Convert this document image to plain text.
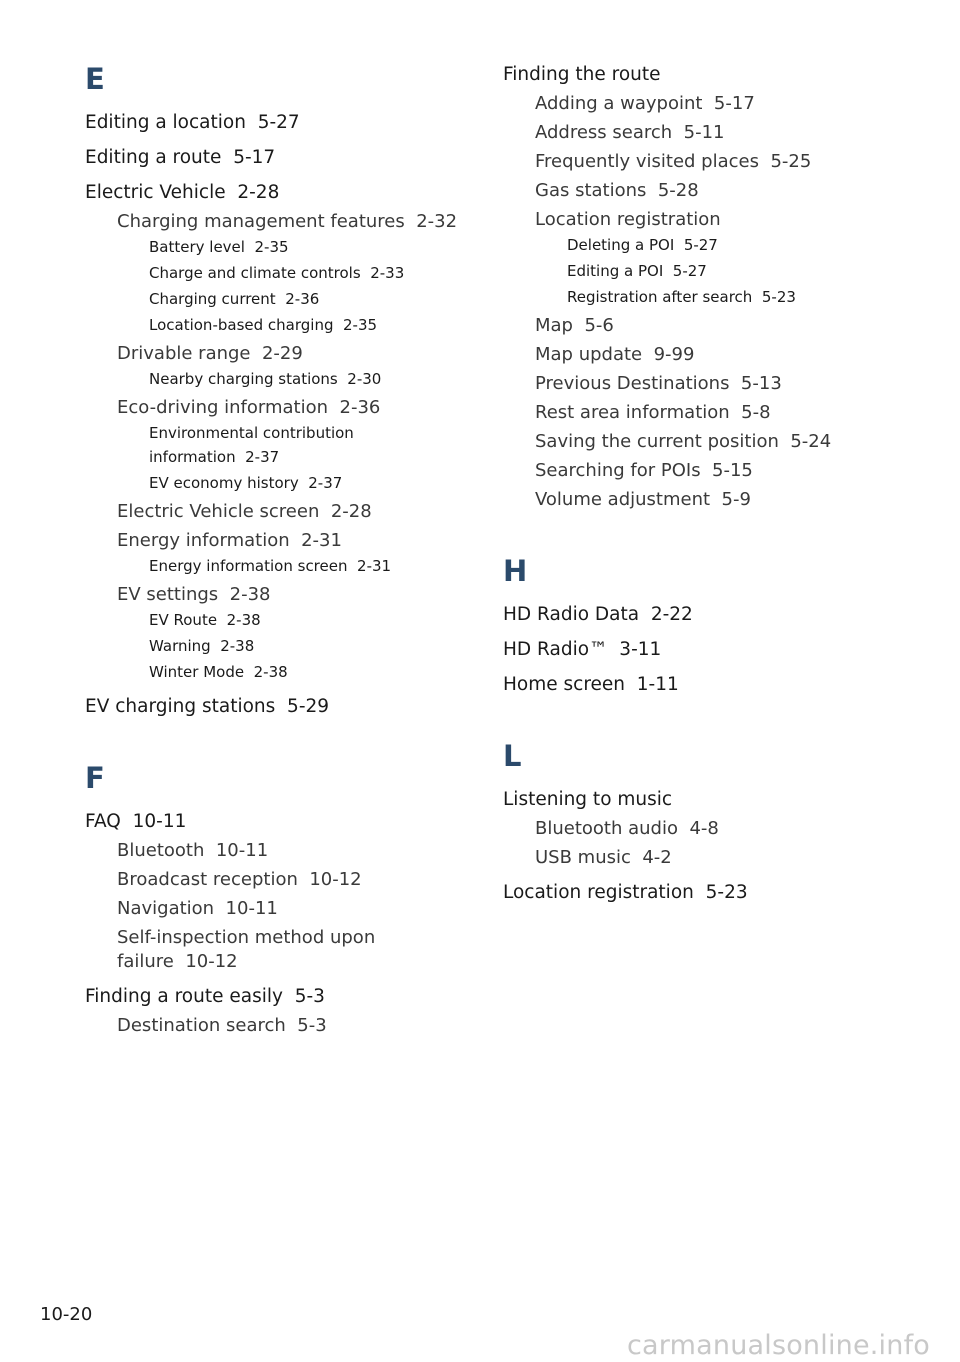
E
Editing a location 5-27
Editing a route 5-17
Electric Vehicle 2-28
Charging management features 2-32
Battery level 2-35
Charge and climate controls 2-33
Charging current 2-36
Location-based charging 2-35
Drivable range 2-29
Nearby charging stations 2-30
Eco-driving information 2-36
Environmental contribution information 2-37
EV economy history 2-37
Electric Vehicle screen 2-28
Energy information 2-31
Energy information screen 2-31
EV settings 2-38
EV Route 2-38
Warning 2-38
Winter Mode 2-38
EV charging stations 5-29
F
FAQ 10-11
Bluetooth 10-11
Broadcast reception 10-12
Navigation 10-11
Self-inspection method upon failure 10-12
Finding a route easily 5-3
Destination search 5-3
Finding the route
Adding a waypoint 5-17
Address search 5-11
Frequently visited places 5-25
Gas stations 5-28
Location registration
Deleting a POI 5-27
Editing a POI 5-27
Registration after search 5-23
Map 5-6
Map update 9-99
Previous Destinations 5-13
Rest area information 5-8
Saving the current position 5-24
Searching for POIs 5-15
Volume adjustment 5-9
H
HD Radio Data 2-22
HD Radio™ 3-11
Home screen 1-11
L
Listening to music
Bluetooth audio 4-8
USB music 4-2
Location registration 5-23
10-20
carmanualsonline.info
